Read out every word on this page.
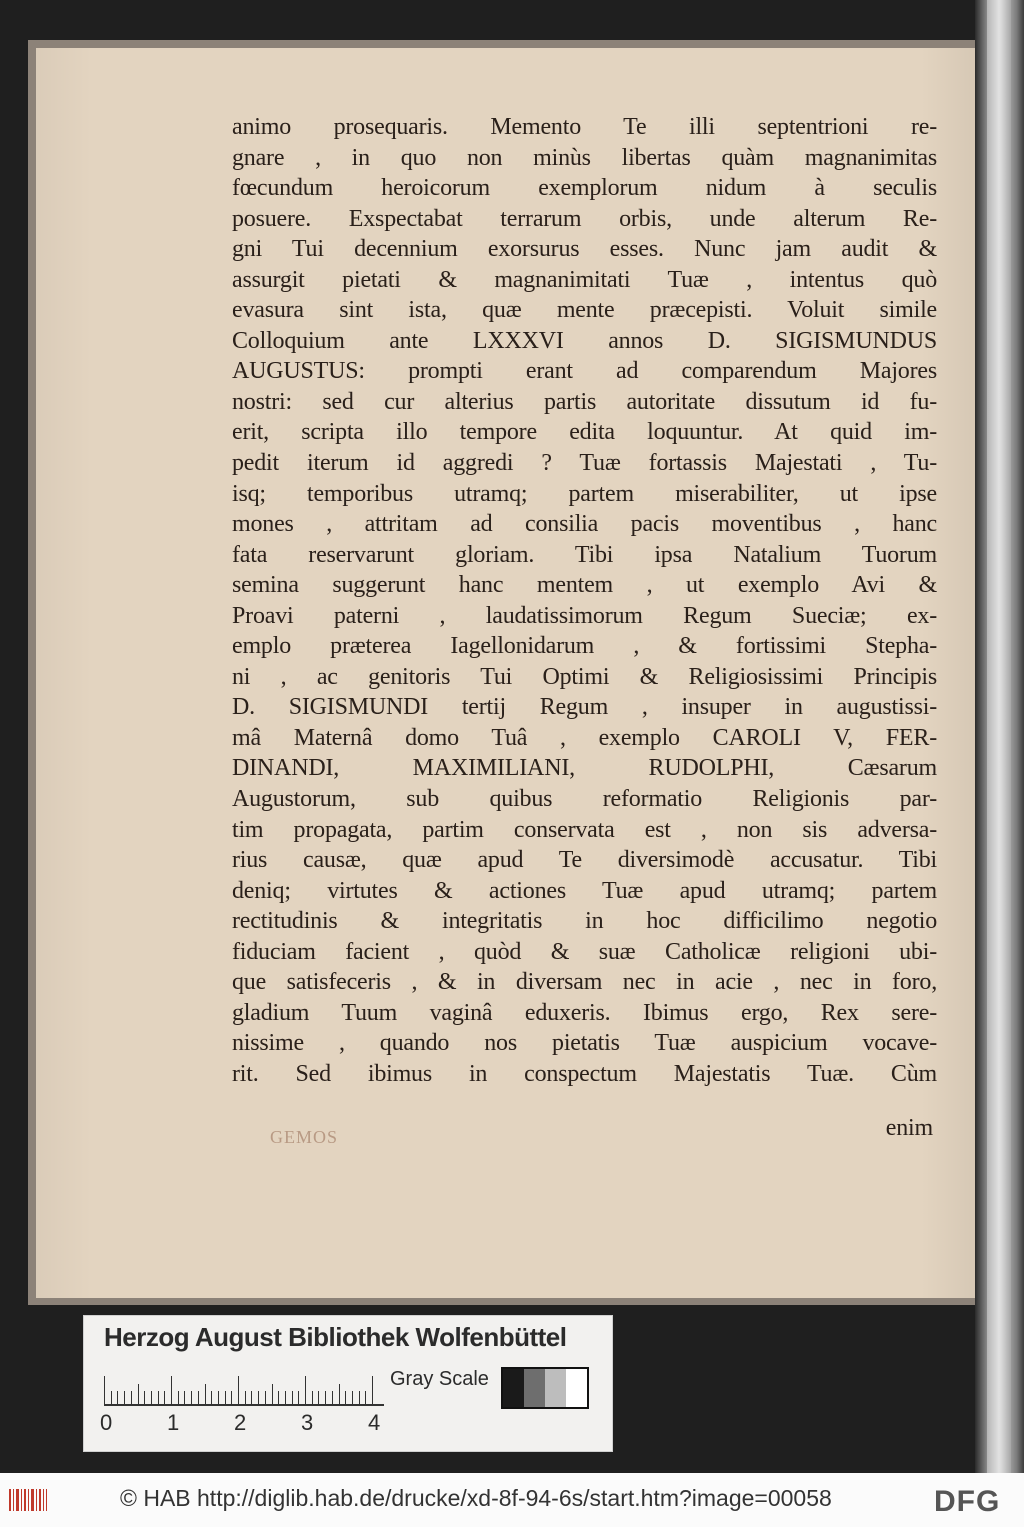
animo prosequaris. Memento Te illi septentrioni re-
gnare , in quo non minùs libertas quàm magnanimitas
fœcundum heroicorum exemplorum nidum à seculis
posuere. Exspectabat terrarum orbis, unde alterum Re-
gni Tui decennium exorsurus esses. Nunc jam audit &
assurgit pietati & magnanimitati Tuæ , intentus quò
evasura sint ista, quæ mente præcepisti. Voluit simile
Colloquium ante LXXXVI annos D. SIGISMUNDUS
AUGUSTUS: prompti erant ad comparendum Majores
nostri: sed cur alterius partis autoritate dissutum id fu-
erit, scripta illo tempore edita loquuntur. At quid im-
pedit iterum id aggredi ? Tuæ fortassis Majestati , Tu-
isq; temporibus utramq; partem miserabiliter, ut ipse
mones , attritam ad consilia pacis moventibus , hanc
fata reservarunt gloriam. Tibi ipsa Natalium Tuorum
semina suggerunt hanc mentem , ut exemplo Avi &
Proavi paterni , laudatissimorum Regum Sueciæ; ex-
emplo præterea Iagellonidarum , & fortissimi Stepha-
ni , ac genitoris Tui Optimi & Religiosissimi Principis
D. SIGISMUNDI tertij Regum , insuper in augustissi-
mâ Maternâ domo Tuâ , exemplo CAROLI V, FER-
DINANDI, MAXIMILIANI, RUDOLPHI, Cæsarum
Augustorum, sub quibus reformatio Religionis par-
tim propagata, partim conservata est , non sis adversa-
rius causæ, quæ apud Te diversimodè accusatur. Tibi
deniq; virtutes & actiones Tuæ apud utramq; partem
rectitudinis & integritatis in hoc difficilimo negotio
fiduciam facient , quòd & suæ Catholicæ religioni ubi-
que satisfeceris , & in diversam nec in acie , nec in foro,
gladium Tuum vaginâ eduxeris. Ibimus ergo, Rex sere-
nissime , quando nos pietatis Tuæ auspicium vocave-
rit. Sed ibimus in conspectum Majestatis Tuæ. Cùm
enim
GEMOS
Herzog August Bibliothek Wolfenbüttel
0 1 2 3 4
Gray Scale
© HAB http://diglib.hab.de/drucke/xd-8f-94-6s/start.htm?image=00058	DFG
